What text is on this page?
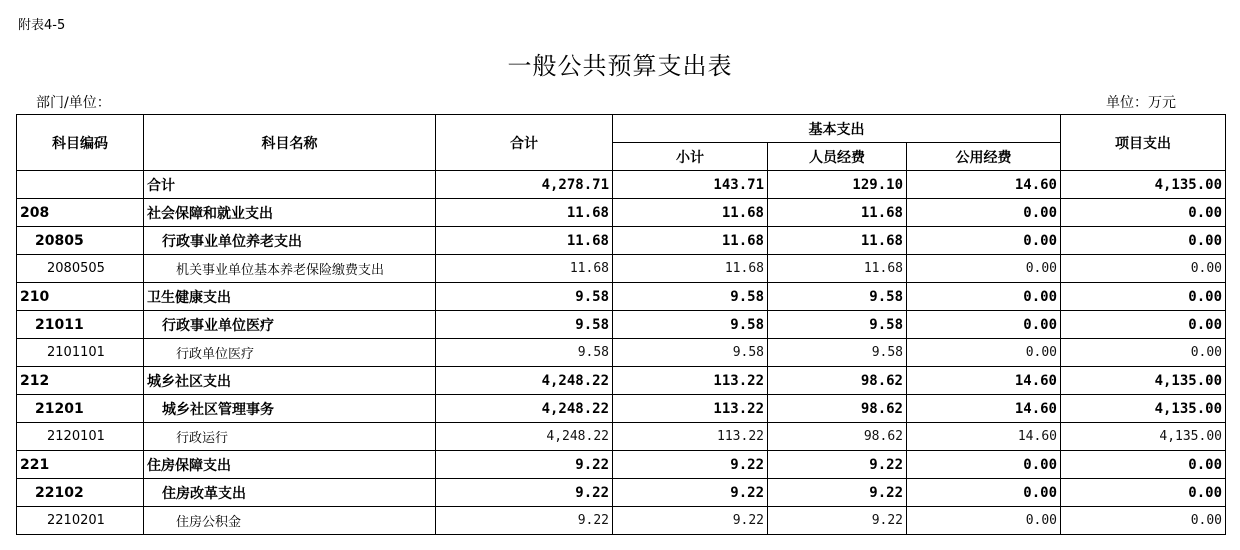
附表4-5
一般公共预算支出表
部门/单位：	单位：万元
科目编码	科目名称	合计	基本支出			项目支出
			小计	人员经费	公用经费	
	合计	4,278.71	143.71	129.10	14.60	4,135.00
208	社会保障和就业支出	11.68	11.68	11.68	0.00	0.00
20805	行政事业单位养老支出	11.68	11.68	11.68	0.00	0.00
2080505	机关事业单位基本养老保险缴费支出	11.68	11.68	11.68	0.00	0.00
210	卫生健康支出	9.58	9.58	9.58	0.00	0.00
21011	行政事业单位医疗	9.58	9.58	9.58	0.00	0.00
2101101	行政单位医疗	9.58	9.58	9.58	0.00	0.00
212	城乡社区支出	4,248.22	113.22	98.62	14.60	4,135.00
21201	城乡社区管理事务	4,248.22	113.22	98.62	14.60	4,135.00
2120101	行政运行	4,248.22	113.22	98.62	14.60	4,135.00
221	住房保障支出	9.22	9.22	9.22	0.00	0.00
22102	住房改革支出	9.22	9.22	9.22	0.00	0.00
2210201	住房公积金	9.22	9.22	9.22	0.00	0.00
